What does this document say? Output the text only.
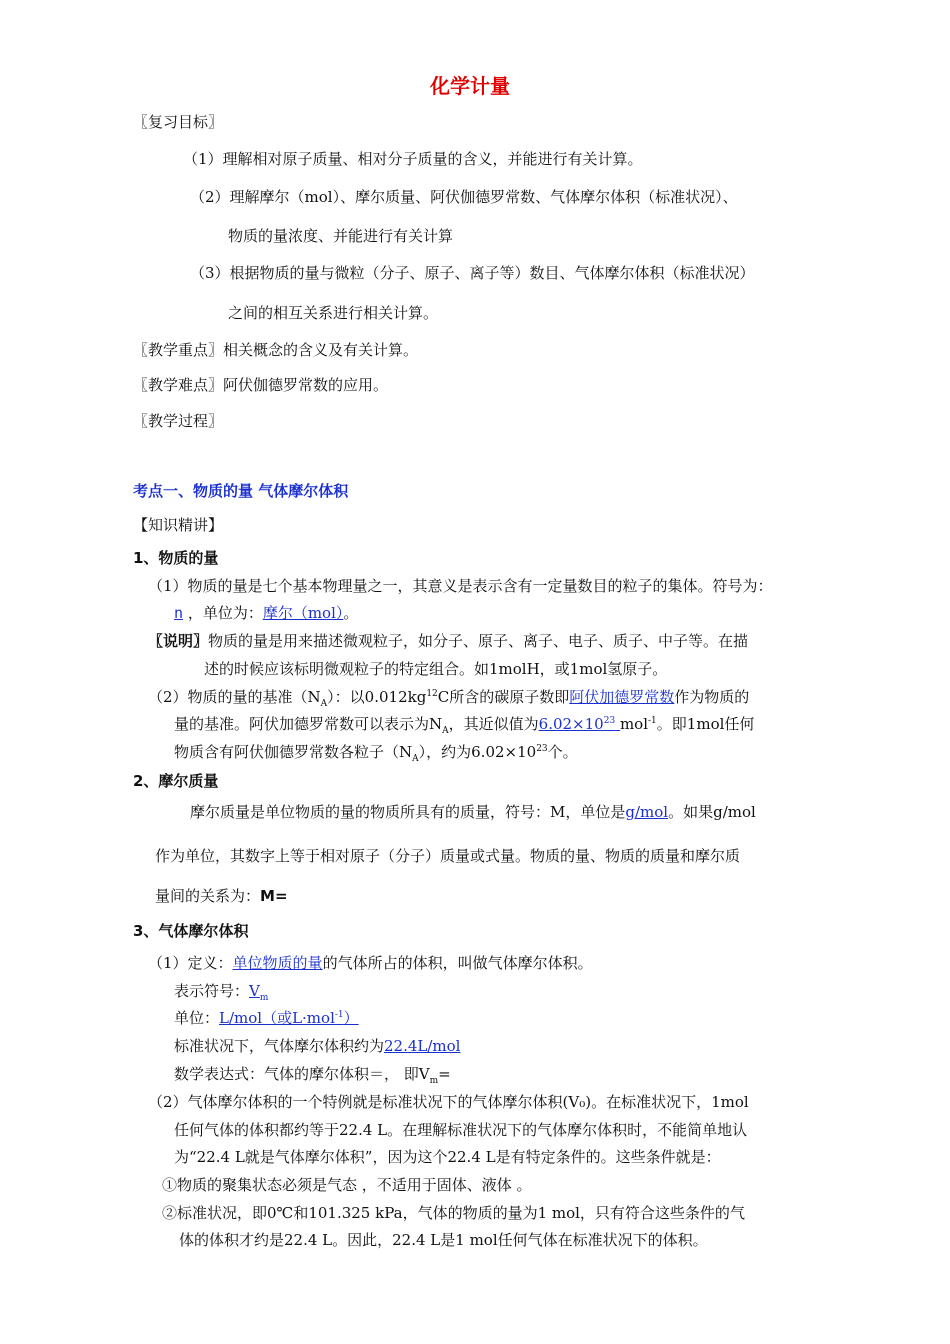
化学计量
〖复习目标〗
（1）理解相对原子质量、相对分子质量的含义，并能进行有关计算。
（2）理解摩尔（mol）、摩尔质量、阿伏伽德罗常数、气体摩尔体积（标准状况）、
物质的量浓度、并能进行有关计算
（3）根据物质的量与微粒（分子、原子、离子等）数目、气体摩尔体积（标准状况）
之间的相互关系进行相关计算。
〖教学重点〗相关概念的含义及有关计算。
〖教学难点〗阿伏伽德罗常数的应用。
〖教学过程〗
考点一、物质的量 气体摩尔体积
【知识精讲】
1、物质的量
（1）物质的量是七个基本物理量之一，其意义是表示含有一定量数目的粒子的集体。符号为：
n ，单位为：摩尔（mol）。
〖说明〗物质的量是用来描述微观粒子，如分子、原子、离子、电子、质子、中子等。在描
述的时候应该标明微观粒子的特定组合。如1molH，或1mol氢原子。
（2）物质的量的基准$(N_A)$：以$0.012kg^{12}C$所含的碳原子数即阿伏加德罗常数作为物质的
量的基准。阿伏加德罗常数可以表示为$N_A$，其近似值为$6.02\times 10^{23}$ mol$^{-1}$。即1mol任何
物质含有阿伏伽德罗常数各粒子$(N_A)$，约为$6.02\times 10^{23}$个。
2、摩尔质量
摩尔质量是单位物质的量的物质所具有的质量，符号：M，单位是g/mol。如果g/mol
作为单位，其数字上等于相对原子（分子）质量或式量。物质的量、物质的质量和摩尔质
量间的关系为：M=
3、气体摩尔体积
（1）定义：单位物质的量的气体所占的体积，叫做气体摩尔体积。
表示符号：$V_m$
单位：L/mol（或L·mol$^{-1}$）
标准状况下，气体摩尔体积约为22.4L/mol
数学表达式：气体的摩尔体积＝， 即$V_m=$
（2）气体摩尔体积的一个特例就是标准状况下的气体摩尔体积(V₀)。在标准状况下，1mol
任何气体的体积都约等于22.4 L。在理解标准状况下的气体摩尔体积时，不能简单地认
为“22.4 L就是气体摩尔体积”，因为这个22.4 L是有特定条件的。这些条件就是：
①物质的聚集状态必须是气态 ，不适用于固体、液体 。
②标准状况，即0℃和101.325 kPa，气体的物质的量为1 mol，只有符合这些条件的气
体的体积才约是22.4 L。因此，22.4 L是1 mol任何气体在标准状况下的体积。
